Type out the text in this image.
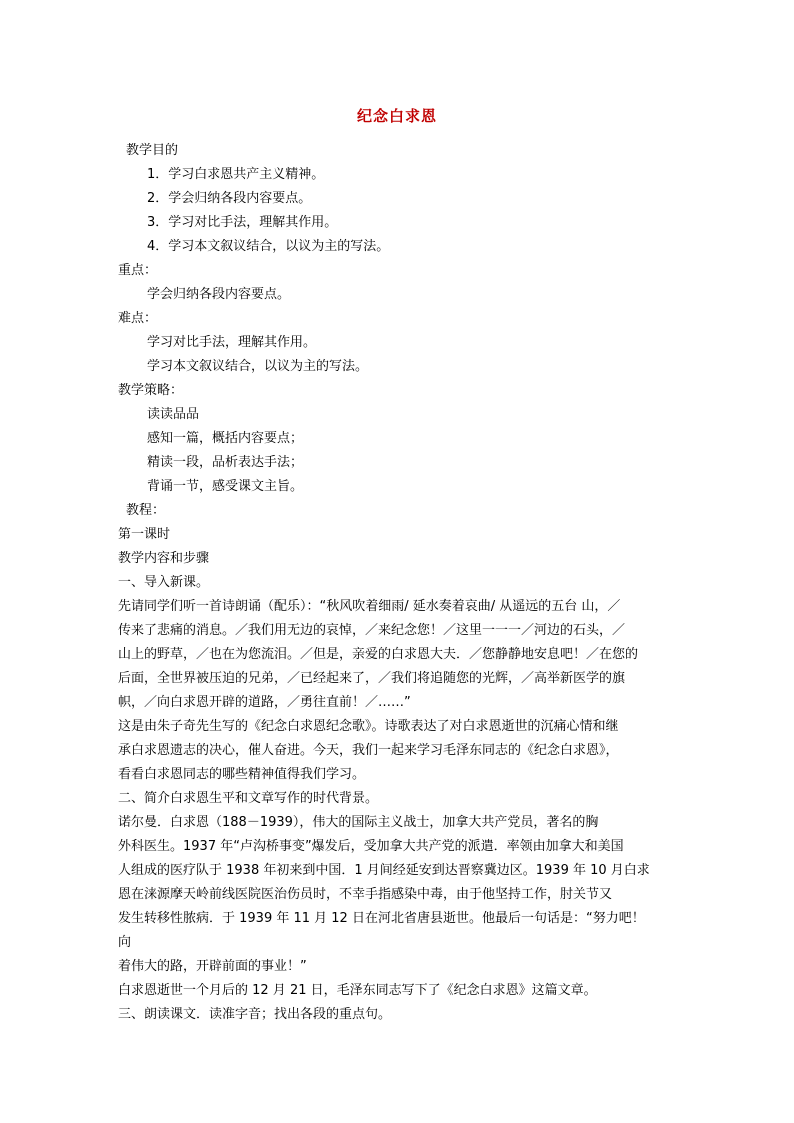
纪念白求恩
教学目的
1．学习白求恩共产主义精神。
2．学会归纳各段内容要点。
3．学习对比手法，理解其作用。
4．学习本文叙议结合，以议为主的写法。
重点：
学会归纳各段内容要点。
难点：
学习对比手法，理解其作用。
学习本文叙议结合，以议为主的写法。
教学策略：
读读品品
感知一篇，概括内容要点；
精读一段，品析表达手法；
背诵一节，感受课文主旨。
教程：
第一课时
教学内容和步骤
一、导入新课。
先请同学们听一首诗朗诵（配乐）：“秋风吹着细雨/ 延水奏着哀曲/ 从遥远的五台 山，／
传来了悲痛的消息。／我们用无边的哀悼，／来纪念您！／这里一一一／河边的石头，／
山上的野草，／也在为您流泪。／但是，亲爱的白求恩大夫．／您静静地安息吧！／在您的
后面，全世界被压迫的兄弟，／已经起来了，／我们将追随您的光辉，／高举新医学的旗
帜，／向白求恩开辟的道路，／勇往直前！／……”
这是由朱子奇先生写的《纪念白求恩纪念歌》。诗歌表达了对白求恩逝世的沉痛心情和继
承白求恩遗志的决心，催人奋进。今天，我们一起来学习毛泽东同志的《纪念白求恩》，
看看白求恩同志的哪些精神值得我们学习。
二、简介白求恩生平和文章写作的时代背景。
诺尔曼．白求恩（188－1939），伟大的国际主义战士，加拿大共产党员，著名的胸
外科医生。1937 年“卢沟桥事变”爆发后，受加拿大共产党的派遣．率领由加拿大和美国
人组成的医疗队于 1938 年初来到中国．1 月间经延安到达晋察冀边区。1939 年 10 月白求
恩在涞源摩天岭前线医院医治伤员时，不幸手指感染中毒，由于他坚持工作，肘关节又
发生转移性脓病．于 1939 年 11 月 12 日在河北省唐县逝世。他最后一句话是：“努力吧！
向
着伟大的路，开辟前面的事业！”
白求恩逝世一个月后的 12 月 21 日，毛泽东同志写下了《纪念白求恩》这篇文章。
三、朗读课文．读准字音；找出各段的重点句。
